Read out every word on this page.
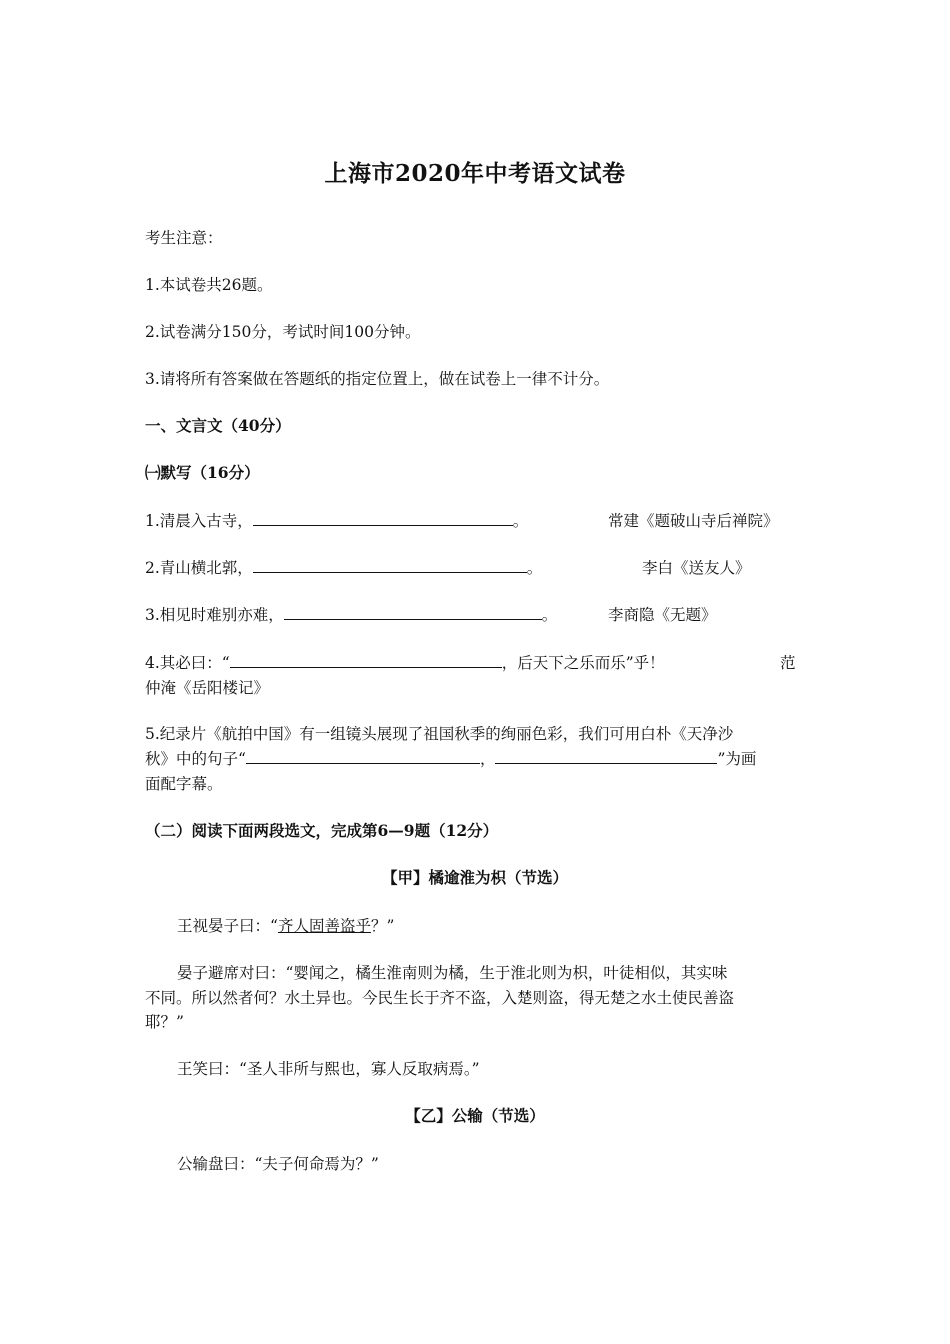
上海市2020年中考语文试卷
考生注意：
1.本试卷共26题。
2.试卷满分150分，考试时间100分钟。
3.请将所有答案做在答题纸的指定位置上，做在试卷上一律不计分。
一、文言文（40分）
㈠默写（16分）
1.清晨入古寺，	。	常建《题破山寺后禅院》
2.青山横北郭，	。	李白《送友人》
3.相见时难别亦难，	。	李商隐《无题》
4.其必曰：“	，后天下之乐而乐”乎！	范
仲淹《岳阳楼记》
5.纪录片《航拍中国》有一组镜头展现了祖国秋季的绚丽色彩，我们可用白朴《天净沙
秋》中的句子“	，	”为画
面配字幕。
（二）阅读下面两段选文，完成第6—9题（12分）
【甲】橘逾淮为枳（节选）
王视晏子曰：“齐人固善盗乎？”
晏子避席对曰：“婴闻之，橘生淮南则为橘，生于淮北则为枳，叶徒相似，其实味
不同。所以然者何？水土异也。今民生长于齐不盗，入楚则盗，得无楚之水土使民善盗
耶？”
王笑曰：“圣人非所与熙也，寡人反取病焉。”
【乙】公输（节选）
公输盘曰：“夫子何命焉为？”
